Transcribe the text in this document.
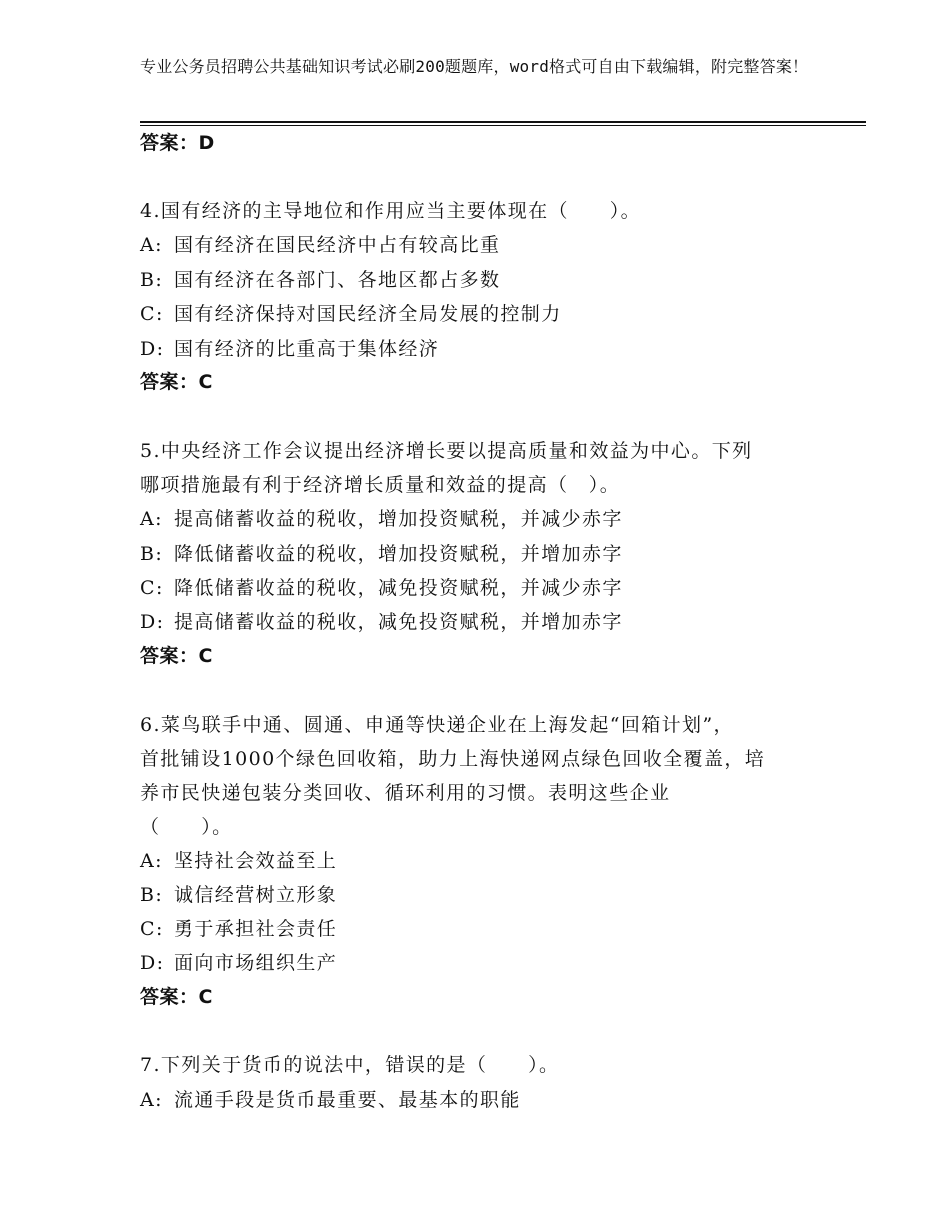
专业公务员招聘公共基础知识考试必刷200题题库，word格式可自由下载编辑，附完整答案！
答案：D
4.国有经济的主导地位和作用应当主要体现在（　　）。
A: 国有经济在国民经济中占有较高比重
B: 国有经济在各部门、各地区都占多数
C: 国有经济保持对国民经济全局发展的控制力
D: 国有经济的比重高于集体经济
答案：C
5.中央经济工作会议提出经济增长要以提高质量和效益为中心。下列
哪项措施最有利于经济增长质量和效益的提高（　）。
A: 提高储蓄收益的税收，增加投资赋税，并减少赤字
B: 降低储蓄收益的税收，增加投资赋税，并增加赤字
C: 降低储蓄收益的税收，减免投资赋税，并减少赤字
D: 提高储蓄收益的税收，减免投资赋税，并增加赤字
答案：C
6.菜鸟联手中通、圆通、申通等快递企业在上海发起“回箱计划”，
首批铺设1000个绿色回收箱，助力上海快递网点绿色回收全覆盖，培
养市民快递包装分类回收、循环利用的习惯。表明这些企业
（　　）。
A: 坚持社会效益至上
B: 诚信经营树立形象
C: 勇于承担社会责任
D: 面向市场组织生产
答案：C
7.下列关于货币的说法中，错误的是（　　）。
A: 流通手段是货币最重要、最基本的职能
